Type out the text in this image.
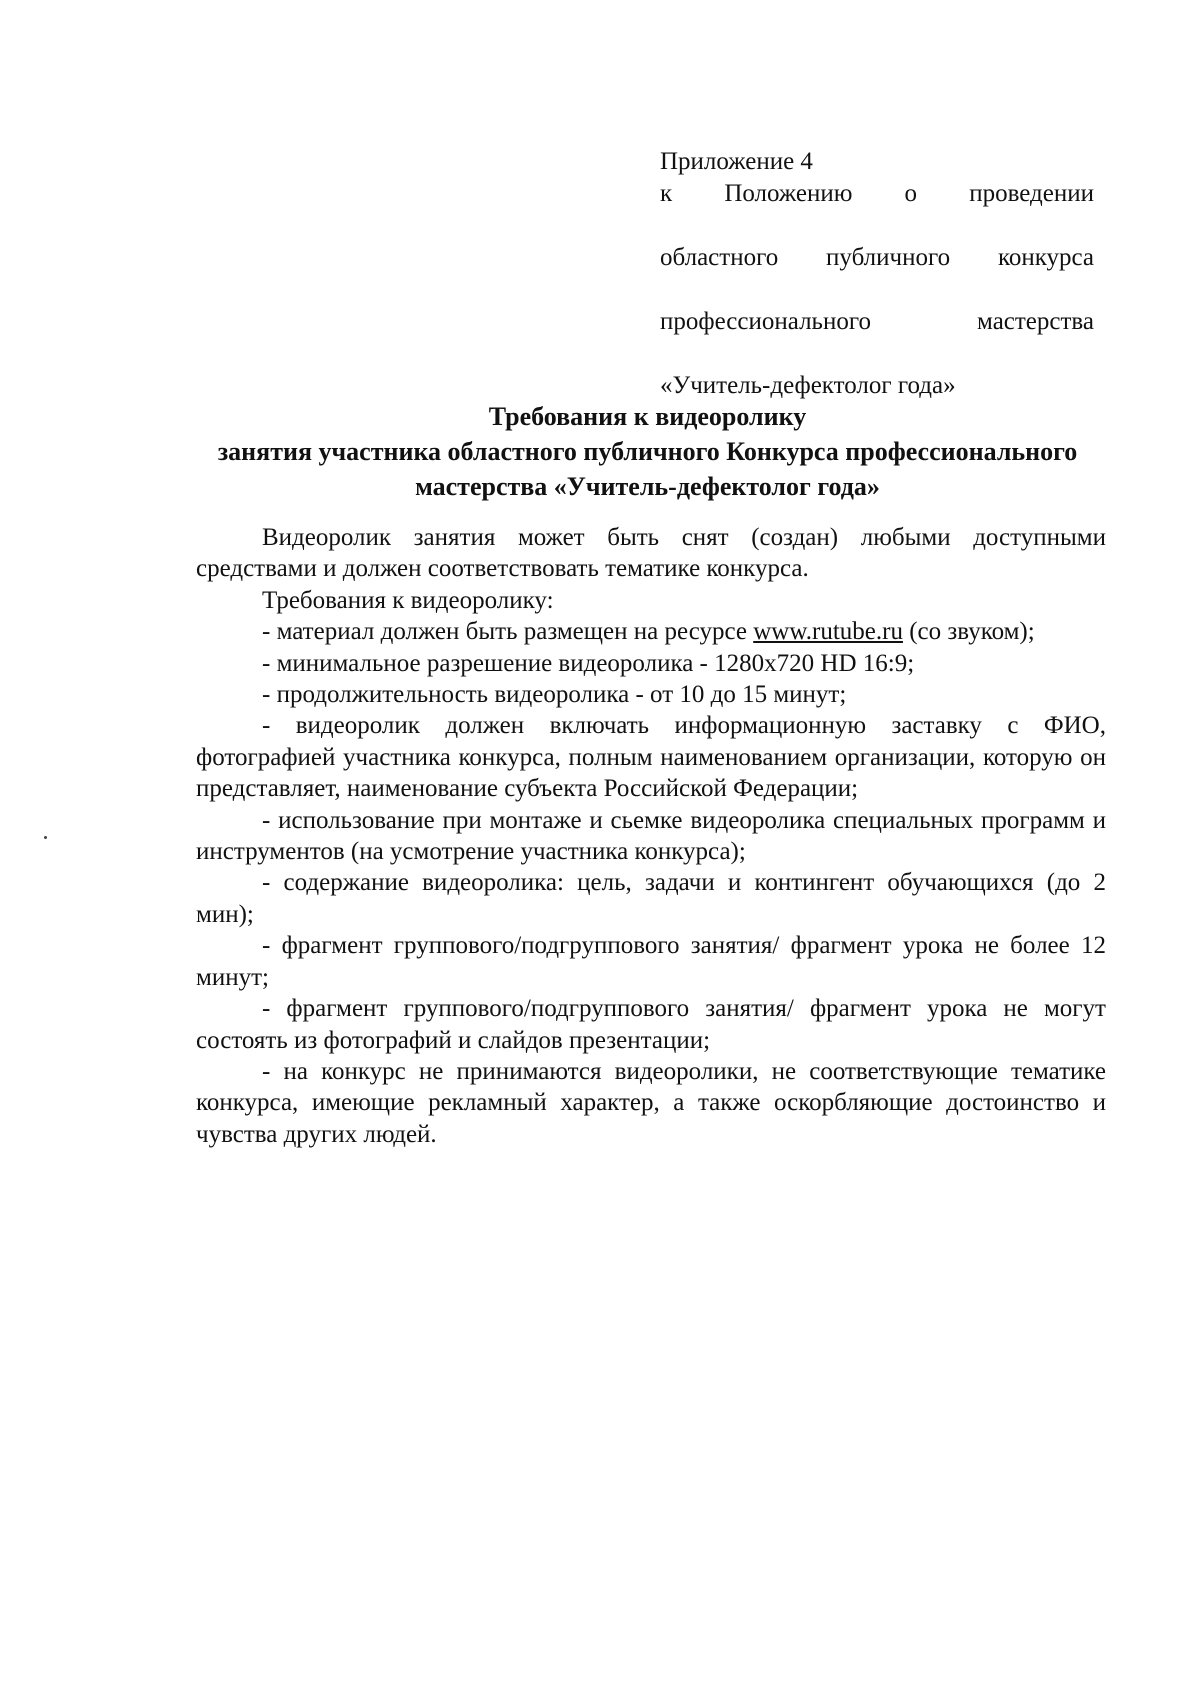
Приложение 4
к Положению о проведении
областного публичного конкурса
профессионального мастерства
«Учитель-дефектолог года»
Требования к видеоролику
занятия участника областного публичного Конкурса профессионального
мастерства «Учитель-дефектолог года»

Видеоролик занятия может быть снят (создан) любыми доступными средствами и должен соответствовать тематике конкурса.

Требования к видеоролику:

- материал должен быть размещен на ресурсе www.rutube.ru (со звуком);

- минимальное разрешение видеоролика - 1280x720 HD 16:9;

- продолжительность видеоролика - от 10 до 15 минут;

- видеоролик должен включать информационную заставку с ФИО, фотографией участника конкурса, полным наименованием организации, которую он представляет, наименование субъекта Российской Федерации;

- использование при монтаже и сьемке видеоролика специальных программ и инструментов (на усмотрение участника конкурса);

- содержание видеоролика: цель, задачи и контингент обучающихся (до 2 мин);

- фрагмент группового/подгруппового занятия/ фрагмент урока не более 12 минут;

- фрагмент группового/подгруппового занятия/ фрагмент урока не могут состоять из фотографий и слайдов презентации;

- на конкурс не принимаются видеоролики, не соответствующие тематике конкурса, имеющие рекламный характер, а также оскорбляющие достоинство и чувства других людей.
